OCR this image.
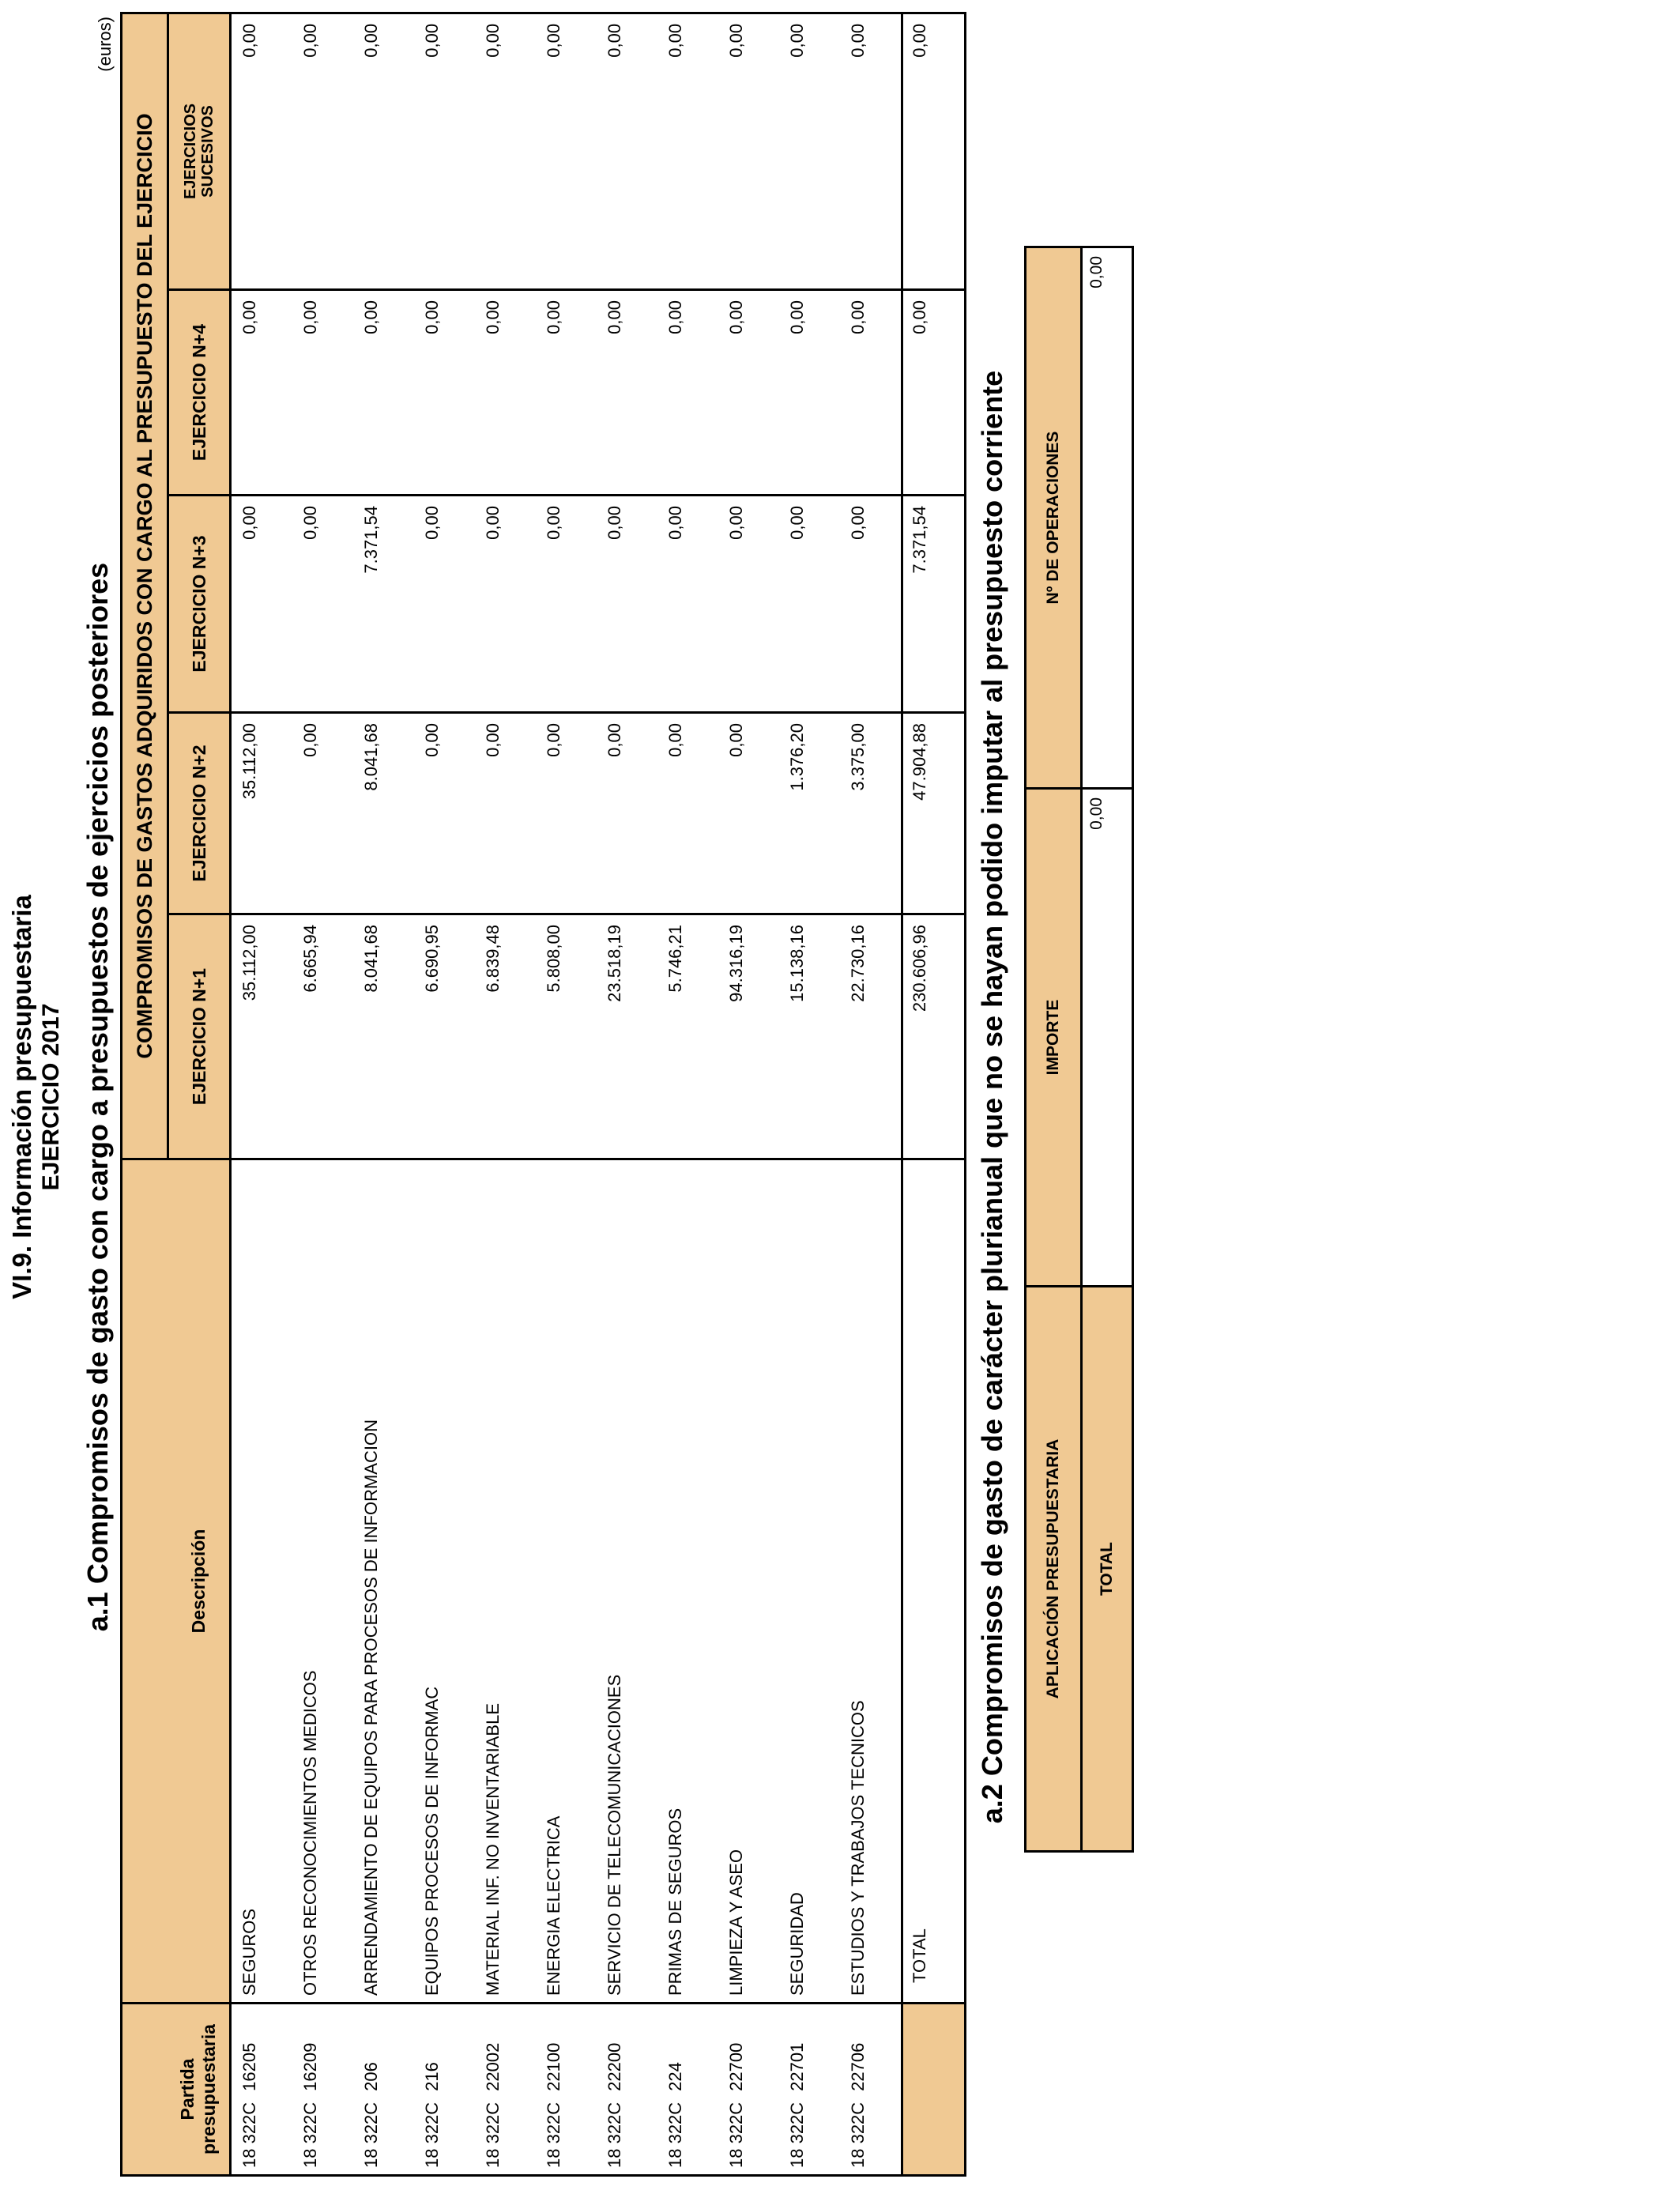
VI.9. Información presupuestaria EJERCICIO 2017 a.1 Compromisos de gasto con cargo a presupuestos de ejercicios posteriores
(euros)
		COMPROMISOS DE GASTOS ADQUIRIDOS CON CARGO AL PRESUPUESTO DEL EJERCICIO				
Partida presupuestaria	Descripción	EJERCICIO N+1	EJERCICIO N+2	EJERCICIO N+3	EJERCICIO N+4	EJERCICIOS
SUCESIVOS
18 322C16205	SEGUROS	35.112,00	35.112,00	0,00	0,00	0,00
18 322C16209	OTROS RECONOCIMIENTOS MEDICOS	6.665,94	0,00	0,00	0,00	0,00
18 322C206	ARRENDAMIENTO DE EQUIPOS PARA PROCESOS DE INFORMACION	8.041,68	8.041,68	7.371,54	0,00	0,00
18 322C216	EQUIPOS PROCESOS DE INFORMAC	6.690,95	0,00	0,00	0,00	0,00
18 322C22002	MATERIAL INF. NO INVENTARIABLE	6.839,48	0,00	0,00	0,00	0,00
18 322C22100	ENERGIA ELECTRICA	5.808,00	0,00	0,00	0,00	0,00
18 322C22200	SERVICIO DE TELECOMUNICACIONES	23.518,19	0,00	0,00	0,00	0,00
18 322C224	PRIMAS DE SEGUROS	5.746,21	0,00	0,00	0,00	0,00
18 322C22700	LIMPIEZA Y ASEO	94.316,19	0,00	0,00	0,00	0,00
18 322C22701	SEGURIDAD	15.138,16	1.376,20	0,00	0,00	0,00
18 322C22706	ESTUDIOS Y TRABAJOS TECNICOS	22.730,16	3.375,00	0,00	0,00	0,00
	TOTAL	230.606,96	47.904,88	7.371,54	0,00	0,00
a.2 Compromisos de gasto de carácter plurianual que no se hayan podido imputar al presupuesto corriente APLICACIÓN PRESUPUESTARIA	IMPORTE	Nº DE OPERACIONES
TOTAL	0,00	0,00
